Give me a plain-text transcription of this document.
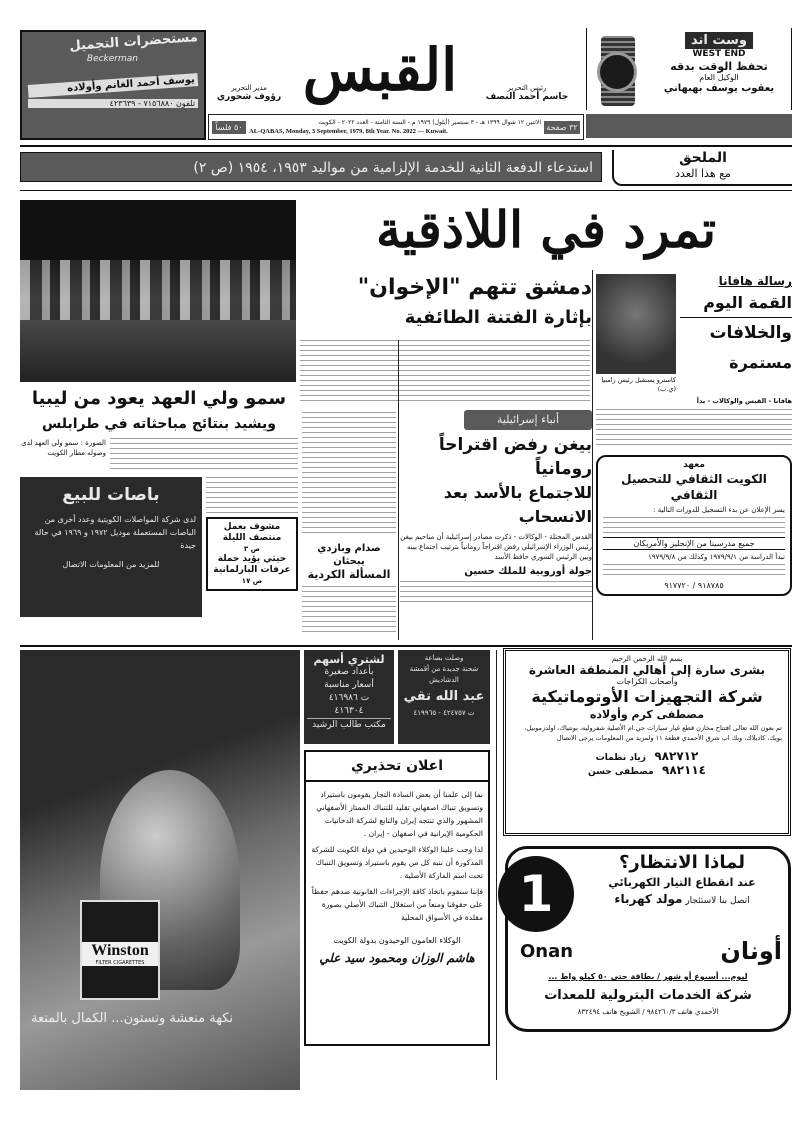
مستحضرات التجميل
Beckerman
يوسف أحمد الغانم وأولاده
تلفون ٧١٥٦٨٨٠ - ٤٢٣٦٣٩ القبس
مدير التحرير
رؤوف شحوري
رئيس التحرير
جاسم أحمد النصف
٥٠ فلساً	الاثنين ١٢ شوال ١٣٩٩ هـ - ٣ سبتمبر (أيلول) ١٩٧٩ م - السنة الثامنة - العدد ٢٠٢٢ - الكويت
AL-QABAS, Monday, 3 September, 1979, 8th Year. No. 2022 — Kuwait.	٣٢ صفحة
وست اند
WEST END
تحفظ الوقت بدقه
الوكيل العام
يعقوب يوسف بهبهاني
استدعاء الدفعة الثانية للخدمة الإلزامية من مواليد ١٩٥٣، ١٩٥٤ (ص ٢)
الملحق
مع هذا العدد
تمرد في اللاذقية
دمشق تتهم "الإخوان"
بإثارة الفتنة الطائفية
أنباء إسرائيلية
بيغن رفض اقتراحاً رومانياً
للاجتماع بالأسد بعد الانسحاب
القدس المحتلة - الوكالات - ذكرت مصادر إسرائيلية أن مناحيم بيغن رئيس الوزراء الإسرائيلي رفض اقتراحاً رومانياً بترتيب اجتماع بينه وبين الرئيس السوري حافظ الأسد
جولة أوروبية للملك حسين
صدام وبازدي يبحثان
المسألة الكردية
سمو ولي العهد يعود من ليبيا
ويشيد بنتائج مباحثاته في طرابلس
الصورة : سمو ولي العهد لدى وصوله مطار الكويت
باصات للبيع
لدى شركة المواصلات الكويتية وعدد أخرى من الباصات المستعملة موديل ١٩٧٢ و ١٩٦٩ في حالة جيدة
للمزيد من المعلومات الاتصال
مشوف بعمل منتصف الليلة
ص ٣
حيثي يؤيد حملة عرفات البارلمانية
ص ١٧
كاسترو يستقبل رئيس زامبيا (ي.ب)
رسالة هافانا
القمة اليوم
والخلافات
مستمرة
هافانا - القبس والوكالات - بدأ
معهد
الكويت الثقافي للتحصيل الثقافي
يسر الإعلان عن بدء التسجيل للدورات التالية :
جميع مدرسينا من الإنجليز والأمريكان
تبدأ الدراسة من ١٩٧٩/٩/١ وكذلك من ١٩٧٩/٩/٨
٩١٨٧٨٥ / ٩١٧٧٢٠
Winston
FILTER CIGARETTES
نكهة منعشة ونستون... الكمال بالمتعة
لشتري أسهم
بأعداد صغيرة
أسعار مناسبة
ت ٤١٦٩٨٦
٤١٦٣٠٤
مكتب طالب الرشيد
وصلت بضاعة
شحنة جديدة من أقمشة
الدشاديش
عبد الله تقي
ت ٤٢٤٧٥٧ - ٤١٩٩٦٥
اعلان تحذيري
نما إلى علمنا أن بعض السادة التجار يقومون باستيراد وتسويق تنباك اصفهاني تقليد للتنباك الممتاز الأصفهاني المشهور والذي تنتجه إيران والتابع لشركة الدخانيات الحكومية الإيرانية في اصفهان - إيران .
لذا وجب علينا الوكلاء الوحيدين في دولة الكويت للشركة المذكورة أن ننبه كل من يقوم باستيراد وتسويق التنباك تحت اسم الماركة الأصلية .
فإننا سنقوم باتخاذ كافة الإجراءات القانونية ضدهم حفظاً على حقوقنا ومنعاً من استغلال التنباك الأصلي بصورة مقلدة في الأسواق المحلية
الوكلاء العامون الوحيدون بدولة الكويت
هاشم الوزان ومحمود سيد علي
بسم الله الرحمن الرحيم
بشرى سارة إلى أهالي المنطقة العاشرة
وأصحاب الكراجات
شركة التجهيزات الأوتوماتيكية
مصطفى كرم وأولاده
تم بعون الله تعالى افتتاح مخازن قطع غيار سيارات جي.ام الأصلية شفروليه، بونتياك، اولدزموبيل، بويك، كاديلاك، وبك اب شرق الأحمدي قطعة ١١ ولمزيد من المعلومات يرجى الاتصال
٩٨٢٧١٢  زياد نظمات
٩٨٢١١٤  مصطفى حسن
1
لماذا الانتظار؟
عند انقطاع التيار الكهربائي
اتصل بنا لاستئجار مولد كهرباء
Onan	أونان
ليوم... أسبوع أو شهر / بطاقة حتى ٥٠ كيلو واط ...
شركة الخدمات البترولية للمعدات
الأحمدي هاتف ٩٨٤٢٦٠/٣ / الشويخ هاتف ٨٣٢٤٩٤
